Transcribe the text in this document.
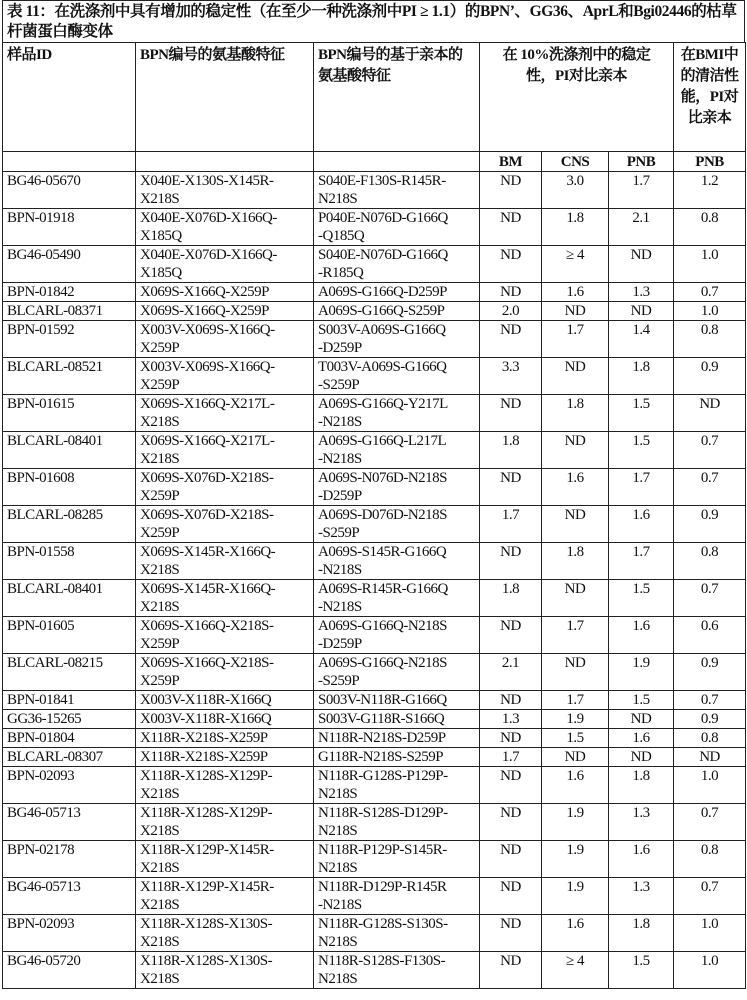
表 11：在洗涤剂中具有增加的稳定性（在至少一种洗涤剂中PI ≥ 1.1）的BPN’、GG36、AprL和Bgi02446的枯草杆菌蛋白酶变体
样品ID	BPN编号的氨基酸特征	BPN编号的基于亲本的氨基酸特征	在 10%洗涤剂中的稳定性，PI对比亲本	在BMI中的清洁性能，PI对比亲本
			BM	CNS	PNB	PNB
BG46-05670	X040E-X130S-X145R-
X218S

S040E-F130S-R145R-
N218S
	ND	3.0	1.7	1.2
BPN-01918	X040E-X076D-X166Q-
X185Q

P040E-N076D-G166Q
-Q185Q
	ND	1.8	2.1	0.8
BG46-05490	X040E-X076D-X166Q-
X185Q

S040E-N076D-G166Q
-R185Q
	ND	≥ 4	ND	1.0
BPN-01842	X069S-X166Q-X259P	A069S-G166Q-D259P	ND	1.6	1.3	0.7
BLCARL-08371	X069S-X166Q-X259P	A069S-G166Q-S259P	2.0	ND	ND	1.0
BPN-01592	X003V-X069S-X166Q-
X259P

S003V-A069S-G166Q
-D259P
	ND	1.7	1.4	0.8
BLCARL-08521	X003V-X069S-X166Q-
X259P

T003V-A069S-G166Q
-S259P
	3.3	ND	1.8	0.9
BPN-01615	X069S-X166Q-X217L-
X218S

A069S-G166Q-Y217L
-N218S
	ND	1.8	1.5	ND
BLCARL-08401	X069S-X166Q-X217L-
X218S

A069S-G166Q-L217L
-N218S
	1.8	ND	1.5	0.7
BPN-01608	X069S-X076D-X218S-
X259P

A069S-N076D-N218S
-D259P
	ND	1.6	1.7	0.7
BLCARL-08285	X069S-X076D-X218S-
X259P

A069S-D076D-N218S
-S259P
	1.7	ND	1.6	0.9
BPN-01558	X069S-X145R-X166Q-
X218S

A069S-S145R-G166Q
-N218S
	ND	1.8	1.7	0.8
BLCARL-08401	X069S-X145R-X166Q-
X218S

A069S-R145R-G166Q
-N218S
	1.8	ND	1.5	0.7
BPN-01605	X069S-X166Q-X218S-
X259P

A069S-G166Q-N218S
-D259P
	ND	1.7	1.6	0.6
BLCARL-08215	X069S-X166Q-X218S-
X259P

A069S-G166Q-N218S
-S259P
	2.1	ND	1.9	0.9
BPN-01841	X003V-X118R-X166Q	S003V-N118R-G166Q	ND	1.7	1.5	0.7
GG36-15265	X003V-X118R-X166Q	S003V-G118R-S166Q	1.3	1.9	ND	0.9
BPN-01804	X118R-X218S-X259P	N118R-N218S-D259P	ND	1.5	1.6	0.8
BLCARL-08307	X118R-X218S-X259P	G118R-N218S-S259P	1.7	ND	ND	ND
BPN-02093	X118R-X128S-X129P-
X218S

N118R-G128S-P129P-
N218S
	ND	1.6	1.8	1.0
BG46-05713	X118R-X128S-X129P-
X218S

N118R-S128S-D129P-
N218S
	ND	1.9	1.3	0.7
BPN-02178	X118R-X129P-X145R-
X218S

N118R-P129P-S145R-
N218S
	ND	1.9	1.6	0.8
BG46-05713	X118R-X129P-X145R-
X218S

N118R-D129P-R145R
-N218S
	ND	1.9	1.3	0.7
BPN-02093	X118R-X128S-X130S-
X218S

N118R-G128S-S130S-
N218S
	ND	1.6	1.8	1.0
BG46-05720	X118R-X128S-X130S-
X218S

N118R-S128S-F130S-
N218S
	ND	≥ 4	1.5	1.0
